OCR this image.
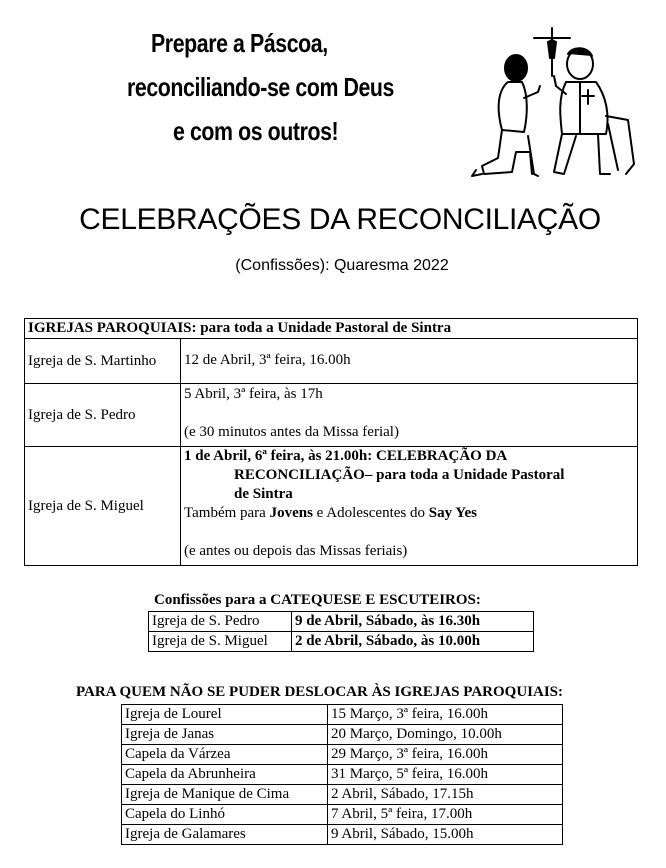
Prepare a Páscoa,
reconciliando-se com Deus
e com os outros!
CELEBRAÇÕES DA RECONCILIAÇÃO
(Confissões): Quaresma 2022
IGREJAS PAROQUIAIS: para toda a Unidade Pastoral de Sintra	
Igreja de S. Martinho	12 de Abril, 3ª feira, 16.00h
Igreja de S. Pedro	5 Abril, 3ª feira, às 17h
(e 30 minutos antes da Missa ferial)

Igreja de S. Miguel	1 de Abril, 6ª feira, às 21.00h: CELEBRAÇÃO DA
RECONCILIAÇÃO– para toda a Unidade Pastoral
de Sintra
Também para Jovens e Adolescentes do Say Yes
(e antes ou depois das Missas feriais)
Confissões para a CATEQUESE E ESCUTEIROS:
Igreja de S. Pedro	9 de Abril, Sábado, às 16.30h
Igreja de S. Miguel	2 de Abril, Sábado, às 10.00h
PARA QUEM NÃO SE PUDER DESLOCAR ÀS IGREJAS PAROQUIAIS:
Igreja de Lourel	15 Março, 3ª feira, 16.00h
Igreja de Janas	20 Março, Domingo, 10.00h
Capela da Várzea	29 Março, 3ª feira, 16.00h
Capela da Abrunheira	31 Março, 5ª feira, 16.00h
Igreja de Manique de Cima	2 Abril, Sábado, 17.15h
Capela do Linhó	7 Abril, 5ª feira, 17.00h
Igreja de Galamares	9 Abril, Sábado, 15.00h
